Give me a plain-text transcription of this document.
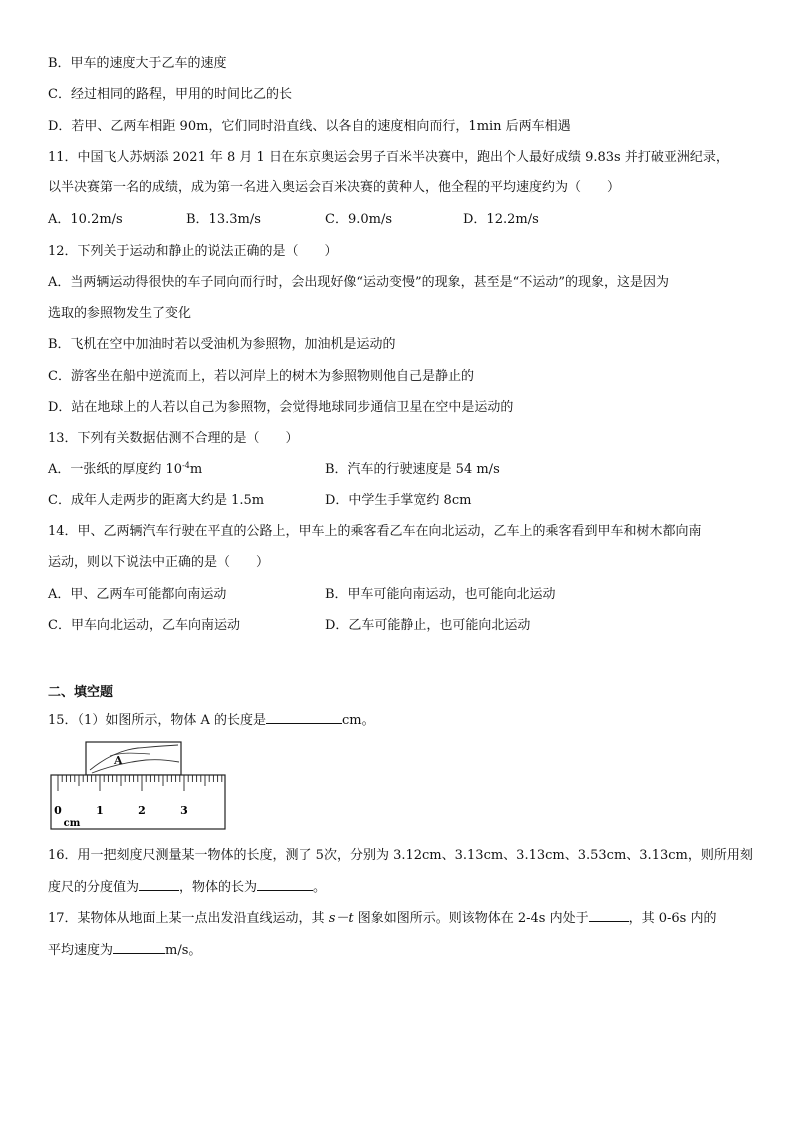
B．甲车的速度大于乙车的速度
C．经过相同的路程，甲用的时间比乙的长
D．若甲、乙两车相距 90m，它们同时沿直线、以各自的速度相向而行，1min 后两车相遇
11．中国飞人苏炳添 2021 年 8 月 1 日在东京奥运会男子百米半决赛中，跑出个人最好成绩 9.83s 并打破亚洲纪录，
以半决赛第一名的成绩，成为第一名进入奥运会百米决赛的黄种人，他全程的平均速度约为（　　）
A．10.2m/s	B．13.3m/s	C．9.0m/s	D．12.2m/s
12．下列关于运动和静止的说法正确的是（　　）
A．当两辆运动得很快的车子同向而行时，会出现好像“运动变慢”的现象，甚至是“不运动”的现象，这是因为
选取的参照物发生了变化
B．飞机在空中加油时若以受油机为参照物，加油机是运动的
C．游客坐在船中逆流而上，若以河岸上的树木为参照物则他自己是静止的
D．站在地球上的人若以自己为参照物，会觉得地球同步通信卫星在空中是运动的
13．下列有关数据估测不合理的是（　　）
A．一张纸的厚度约 $10^{-4}m$	B．汽车的行驶速度是 54 m/s
C．成年人走两步的距离大约是 1.5m	D．中学生手掌宽约 8cm
14．甲、乙两辆汽车行驶在平直的公路上，甲车上的乘客看乙车在向北运动，乙车上的乘客看到甲车和树木都向南
运动，则以下说法中正确的是（　　）
A．甲、乙两车可能都向南运动	B．甲车可能向南运动，也可能向北运动
C．甲车向北运动，乙车向南运动	D．乙车可能静止，也可能向北运动
二、填空题
15．（1）如图所示，物体 A 的长度是	cm。
A
0	1	2	3
cm
16．用一把刻度尺测量某一物体的长度，测了 5次，分别为 3.12cm、3.13cm、3.13cm、3.53cm、3.13cm，则所用刻
度尺的分度值为	，物体的长为	。
17．某物体从地面上某一点出发沿直线运动，其 s－t 图象如图所示。则该物体在 2-4s 内处于	，其 0-6s 内的
平均速度为	m/s。
